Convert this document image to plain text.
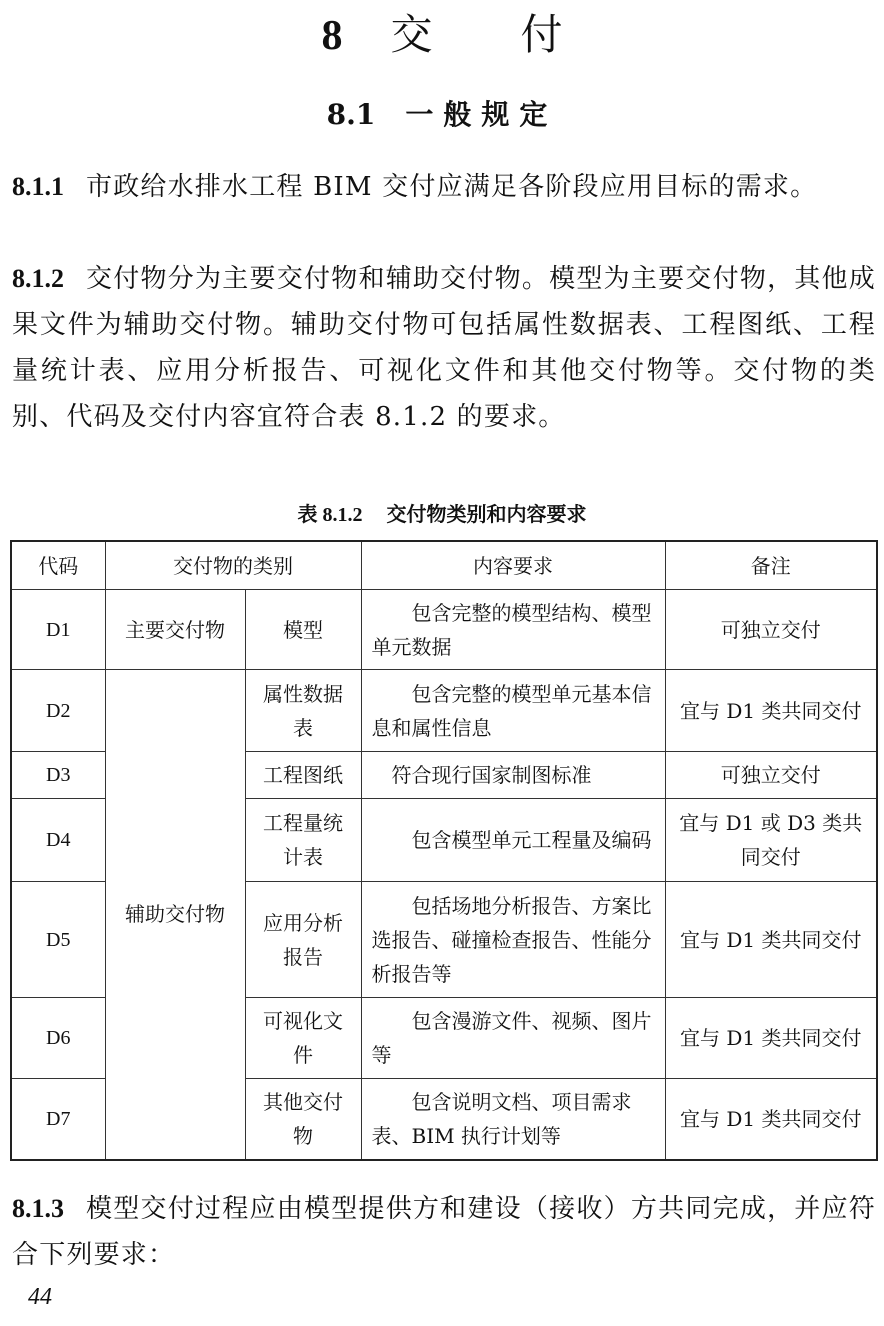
8 交 付
8.1 一般规定
8.1.1 市政给水排水工程 BIM 交付应满足各阶段应用目标的需求。
8.1.2 交付物分为主要交付物和辅助交付物。模型为主要交付物，其他成果文件为辅助交付物。辅助交付物可包括属性数据表、工程图纸、工程量统计表、应用分析报告、可视化文件和其他交付物等。交付物的类别、代码及交付内容宜符合表 8.1.2 的要求。
表 8.1.2 交付物类别和内容要求
代码	交付物的类别		内容要求	备注
D1	主要交付物	模型	包含完整的模型结构、模型单元数据	可独立交付
D2	辅助交付物	属性数据表	包含完整的模型单元基本信息和属性信息	宜与 D1 类共同交付
D3		工程图纸	符合现行国家制图标准	可独立交付
D4		工程量统计表	包含模型单元工程量及编码	宜与 D1 或 D3 类共同交付
D5		应用分析报告	包括场地分析报告、方案比选报告、碰撞检查报告、性能分析报告等	宜与 D1 类共同交付
D6		可视化文件	包含漫游文件、视频、图片等	宜与 D1 类共同交付
D7		其他交付物	包含说明文档、项目需求表、BIM 执行计划等	宜与 D1 类共同交付
8.1.3 模型交付过程应由模型提供方和建设（接收）方共同完成，并应符合下列要求：
44
